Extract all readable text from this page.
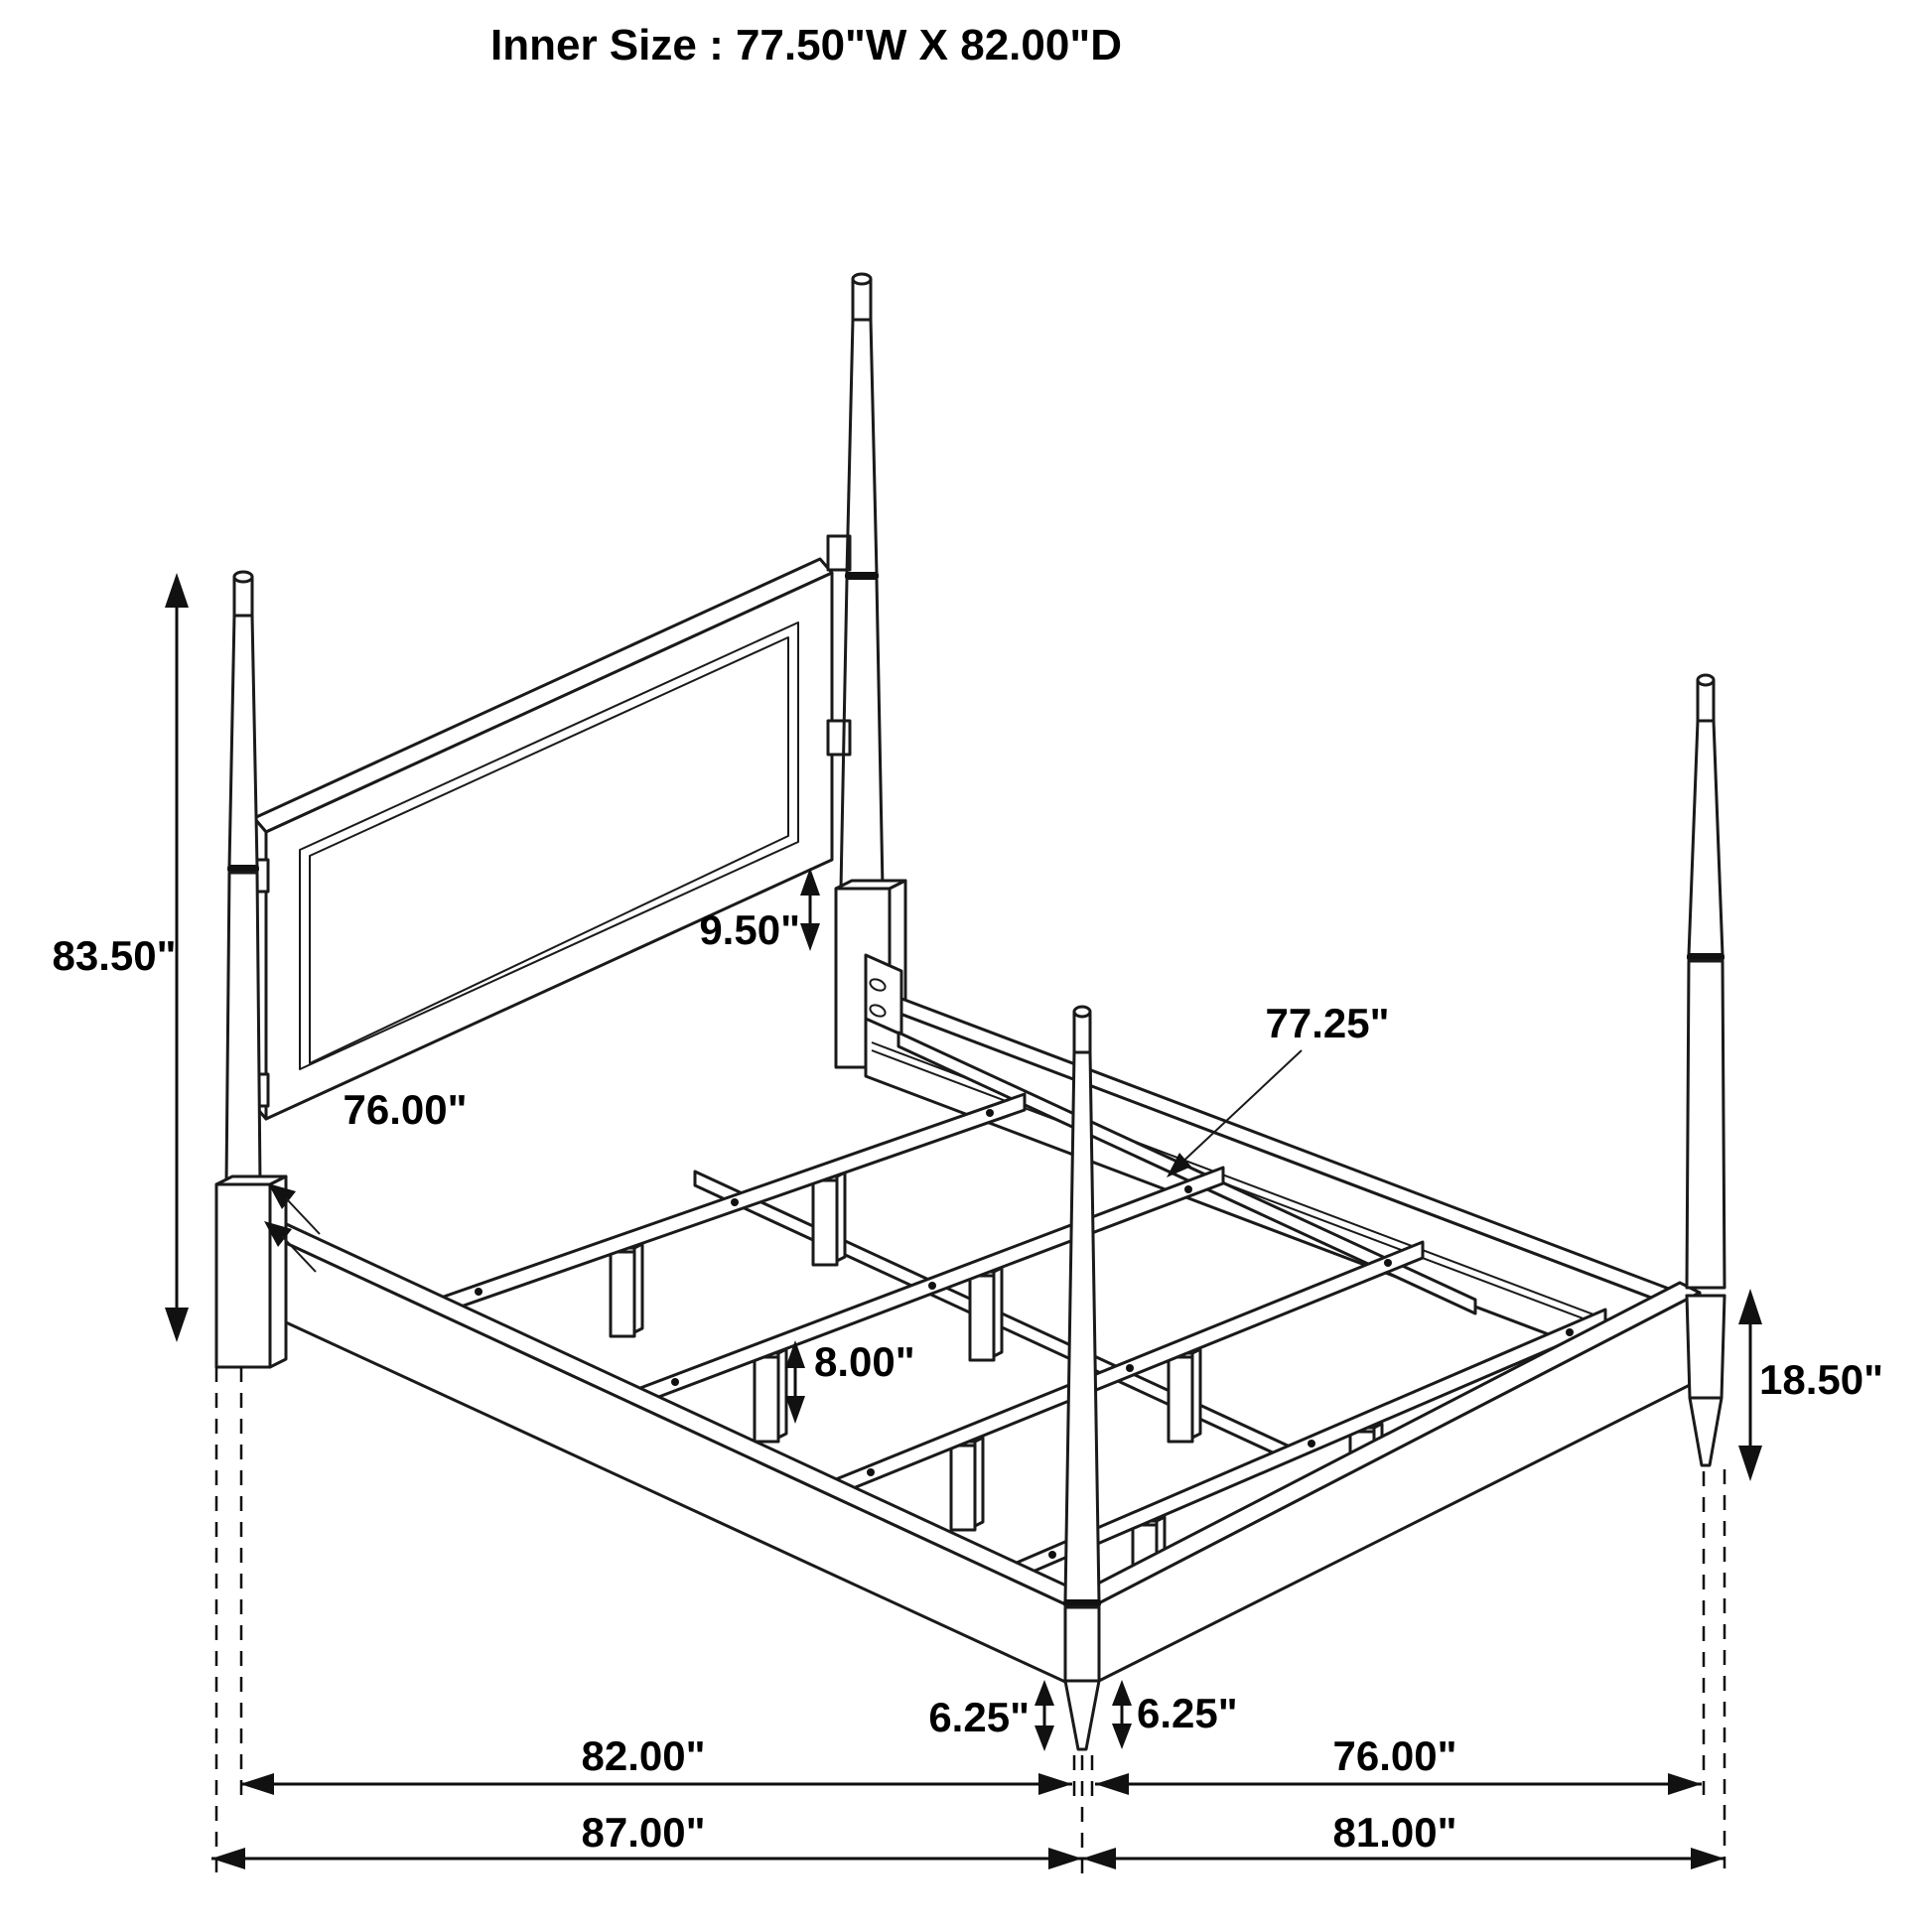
Inner Size : 77.50"W X 82.00"D
83.50"
76.00"
9.50"
77.25"
8.00"	18.50"
6.25"	6.25"
82.00"	76.00"
87.00"	81.00"
